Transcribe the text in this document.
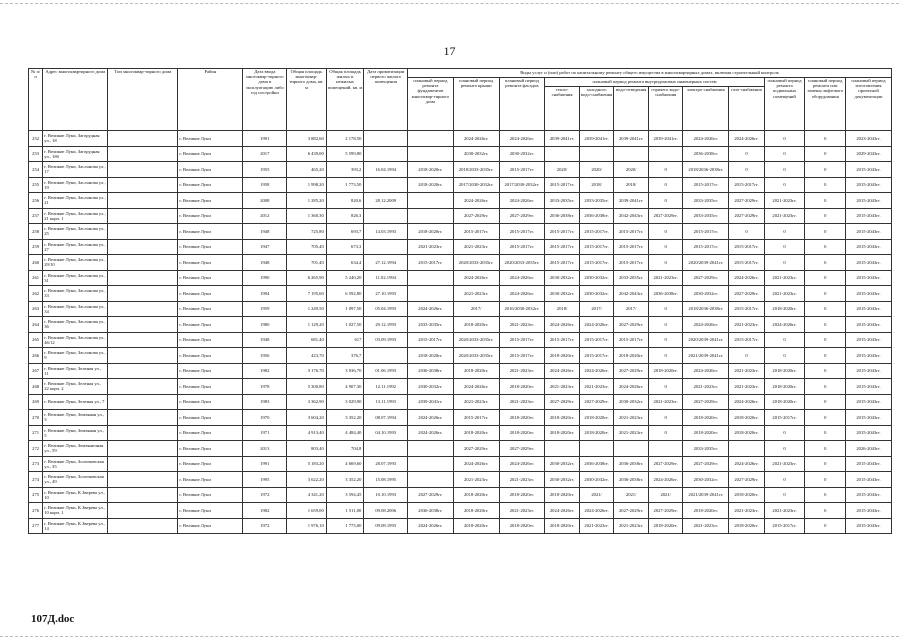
17
№ п/п	Адрес многоквартирного дома	Тип многоквар-тирного дома	Район	Дата ввода многоквар-тирного дома в эксплуатацию либо год постройки	Общая площадь многоквар-тирного дома, кв. м	Общая площадь жилых и нежилых помещений, кв. м	Дата приватизации первого жилого помещения	Виды услуг и (или) работ по капитальному ремонту общего имущества в многоквартирных домах, включая строительный контроль											
								плановый период ремонта фундаментов многоквар-тирного дома	плановый период ремонта крыши	плановый период ремонта фасадов	плановый период ремонта внутридомовых инженерных систем						плановый период ремонта подвальных помещений	плановый период ремонта или замены лифтового оборудования	плановый период изготовления проектной документации
											тепло-снабжения	холодного водо-снабжения	водо-отведения	горячего водо-снабжения	электро-снабжения	газо-снабжения			
252	г. Великие Луки, Загорудная ул., 18		г. Великие Луки	1991	3 882,60	2 178,50			2024-2026гг.	2024-2026гг.	2039-2041гг.	2039-2041гг.	2039-2041гг.	2039-2041гг.	2024-2026гг.	2024-2026гг.	0	0	2023-2043гг.
253	г. Великие Луки, Загорудная ул., 18б		г. Великие Луки	2017	6 439,00	5 599,80			2030-2032гг.	2030-2032гг.					2036-2038гг.	0	0	0	2029-2043гг.
254	г. Великие Луки, Заслонова ул., 17		г. Великие Луки	1955	465,20	393,2	16.04.1994	2018-2020гг.	2018/2033-2035гг.	2015-2017гг.	2020/	2020/	2020/	0	2018/2036-2038гг.	0	0	0	2015-2043гг.
255	г. Великие Луки, Заслонова ул., 19		г. Великие Луки	1958	1 998,20	1 773,50		2018-2020гг.	2017/2030-2032гг.	2017/2030-2032гг.	2015-2017гг.	2018/	2018/	0	2015-2017гг.	2015-2017гг.	0	0	2015-2043гг.
256	г. Великие Луки, Заслонова ул., 21		г. Великие Луки	2008	1 285,20	820,6	28.12.2009		2024-2026гг.	2024-2026гг.	2033-2035гг.	2033-2035гг.	2039-2041гг.	0	2033-2035гг.	2027-2029гг.	2021-2023гг.	0	2015-2043гг.
257	г. Великие Луки, Заслонова ул., 21 корп. 1		г. Великие Луки	2012	1 360,30	826,3			2027-2029гг.	2027-2029гг.	2036-2038гг.	2036-2038гг.	2042-2043гг.	2027-2029гг.	2033-2035гг.	2027-2029гг.	2021-2023гг.	0	2015-2043гг.
258	г. Великие Луки, Заслонова ул., 25		г. Великие Луки	1948	725,80	693,7	14.03.1993	2018-2020гг.	2015-2017гг.	2015-2017гг.	2015-2017гг.	2015-2017гг.	2015-2017гг.	0	2015-2017гг.	0	0	0	2015-2043гг.
259	г. Великие Луки, Заслонова ул., 27		г. Великие Луки	1947	705,40	673,3		2021-2023гг.	2021-2023гг.	2015-2017гг.	2015-2017гг.	2015-2017гг.	2015-2017гг.	0	2015-2017гг.	2015-2017гг.	0	0	2015-2043гг.
260	г. Великие Луки, Заслонова ул., 29/10		г. Великие Луки	1948	701,40	634,4	27.12.1994	2015-2017гг.	2020/2033-2035гг.	2020/2033-2035гг.	2015-2017гг.	2015-2017гг.	2015-2017гг.	0	2020/2039-2041гг.	2015-2017гг.	0	0	2015-2043гг.
261	г. Великие Луки, Заслонова ул., 31		г. Великие Луки	1990	6 265,90	5 240,20	11.02.1994		2024-2026гг.	2024-2026гг.	2030-2032гг.	2030-2032гг.	2033-2035гг.	2021-2023гг.	2027-2029гг.	2024-2026гг.	2021-2023гг.	0	2015-2043гг.
262	г. Великие Луки, Заслонова ул., 33		г. Великие Луки	1994	7 195,60	6 592,80	27.10.1993		2021-2023гг.	2024-2026гг.	2030-2032гг.	2030-2032гг.	2042-2043гг.	2036-2038гг.	2030-2032гг.	2027-2029гг.	2021-2023гг.	0	2015-2043гг.
263	г. Великие Луки, Заслонова ул., 34		г. Великие Луки	1959	1 249,50	1 097,50	05.04.1993	2024-2026гг.	2017/	2016/2030-2032гг.	2018/	2017/	2017/	0	2018/2036-2038гг.	2015-2017гг.	2018-2020гг.	0	2015-2043гг.
264	г. Великие Луки, Заслонова ул., 36		г. Великие Луки	1980	1 129,20	1 027,50	29.12.1993	2033-2035гг.	2018-2020гг.	2021-2023гг.	2024-2026гг.	2024-2026гг.	2027-2029гг.	0	2024-2026гг.	2021-2023гг.	2024-2026гг.	0	2015-2043гг.
265	г. Великие Луки, Заслонова ул., 46/12		г. Великие Луки	1948	681,40	617	03.09.1993	2015-2017гг.	2020/2033-2035гг.	2015-2017гг.	2015-2017гг.	2015-2017гг.	2015-2017гг.	0	2020/2039-2041гг.	2015-2017гг.	0	0	2015-2043гг.
266	г. Великие Луки, Заслонова ул., 9		г. Великие Луки	1956	423,70	376,7		2018-2020гг.	2020/2033-2035гг.	2015-2017гг.	2018-2020гг.	2015-2017гг.	2018-2020гг.	0	2021/2039-2041гг.	0	0	0	2015-2043гг.
267	г. Великие Луки, Зеленая ул., 11		г. Великие Луки	1982	3 176,70	3 036,70	01.06.1993	2036-2038гг.	2018-2020гг.	2021-2023гг.	2024-2026гг.	2024-2026гг.	2027-2029гг.	2018-2020гг.	2024-2026гг.	2021-2023гг.	2018-2020гг.	0	2015-2043гг.
268	г. Великие Луки, Зеленая ул., 22 корп. 2		г. Великие Луки	1978	5 300,80	4 907,30	12.11.1992	2030-2032гг.	2024-2026гг.	2018-2020гг.	2021-2023гг.	2021-2023гг.	2024-2026гг.	0	2021-2023гг.	2021-2023гг.	2018-2020гг.	0	2015-2043гг.
269	г. Великие Луки, Зеленая ул., 7		г. Великие Луки	1983	3 362,90	3 029,90	13.11.1993	2039-2041гг.	2021-2023гг.	2021-2023гг.	2027-2029гг.	2027-2029гг.	2030-2032гг.	2021-2023гг.	2027-2029гг.	2024-2026гг.	2018-2020гг.	0	2015-2043гг.
270	г. Великие Луки, Земляная ул., 3		г. Великие Луки	1970	3 604,20	3 352,20	08.07.1994	2024-2026гг.	2015-2017гг.	2018-2020гг.	2018-2020гг.	2018-2020гг.	2021-2023гг.	0	2018-2020гг.	2018-2020гг.	2015-2017гг.	0	2015-2043гг.
271	г. Великие Луки, Земляная ул., 5		г. Великие Луки	1971	4 913,40	4 484,40	04.10.1993	2024-2026гг.	2018-2020гг.	2018-2020гг.	2018-2020гг.	2018-2020гг.	2021-2023гг.	0	2018-2020гг.	2018-2020гг.	0	0	2015-2043гг.
272	г. Великие Луки, Земляничная ул., 59		г. Великие Луки	2013	803,40	704,8			2027-2029гг.	2027-2029гг.					2033-2035гг.		0	0	2026-2043гг.
273	г. Великие Луки, Золотковская ул., 35		г. Великие Луки	1991	5 183,20	4 669,60	28.07.1993		2024-2026гг.	2024-2026гг.	2030-2032гг.	2036-2038гг.	2036-2038гг.	2027-2029гг.	2027-2029гг.	2024-2026гг.	2021-2023гг.	0	2015-2043гг.
274	г. Великие Луки, Золотковская ул., 49		г. Великие Луки	1995	3 622,20	3 352,20	15.08.1995		2021-2023гг.	2021-2023гг.	2030-2032гг.	2030-2032гг.	2036-2038гг.	2024-2026гг.	2030-2032гг.	2027-2029гг.	0	0	2015-2043гг.
275	г. Великие Луки, К.Зверева ул., 10		г. Великие Луки	1972	4 341,20	3 594,45	10.10.1993	2027-2029гг.	2018-2020гг.	2018-2020гг.	2018-2020гг.	2021/	2021/	2021/	2021/2039-2041гг.	2018-2020гг.	0	0	2015-2043гг.
276	г. Великие Луки, К.Зверева ул., 10 корп. 1		г. Великие Луки	1982	1 659,00	1 511,00	09.08.2006	2036-2038гг.	2018-2020гг.	2021-2023гг.	2024-2026гг.	2024-2026гг.	2027-2029гг.	2027-2029гг.	2018-2020гг.	2021-2023гг.	2021-2023гг.	0	2015-2043гг.
277	г. Великие Луки, К.Зверева ул., 14		г. Великие Луки	1972	1 976,10	1 775,00	09.08.1993	2024-2026гг.	2018-2020гг.	2018-2020гг.	2018-2020гг.	2021-2023гг.	2021-2023гг.	2018-2020гг.	2021-2023гг.	2018-2020гг.	2015-2017гг.	0	2015-2043гг.
107Д.doc
